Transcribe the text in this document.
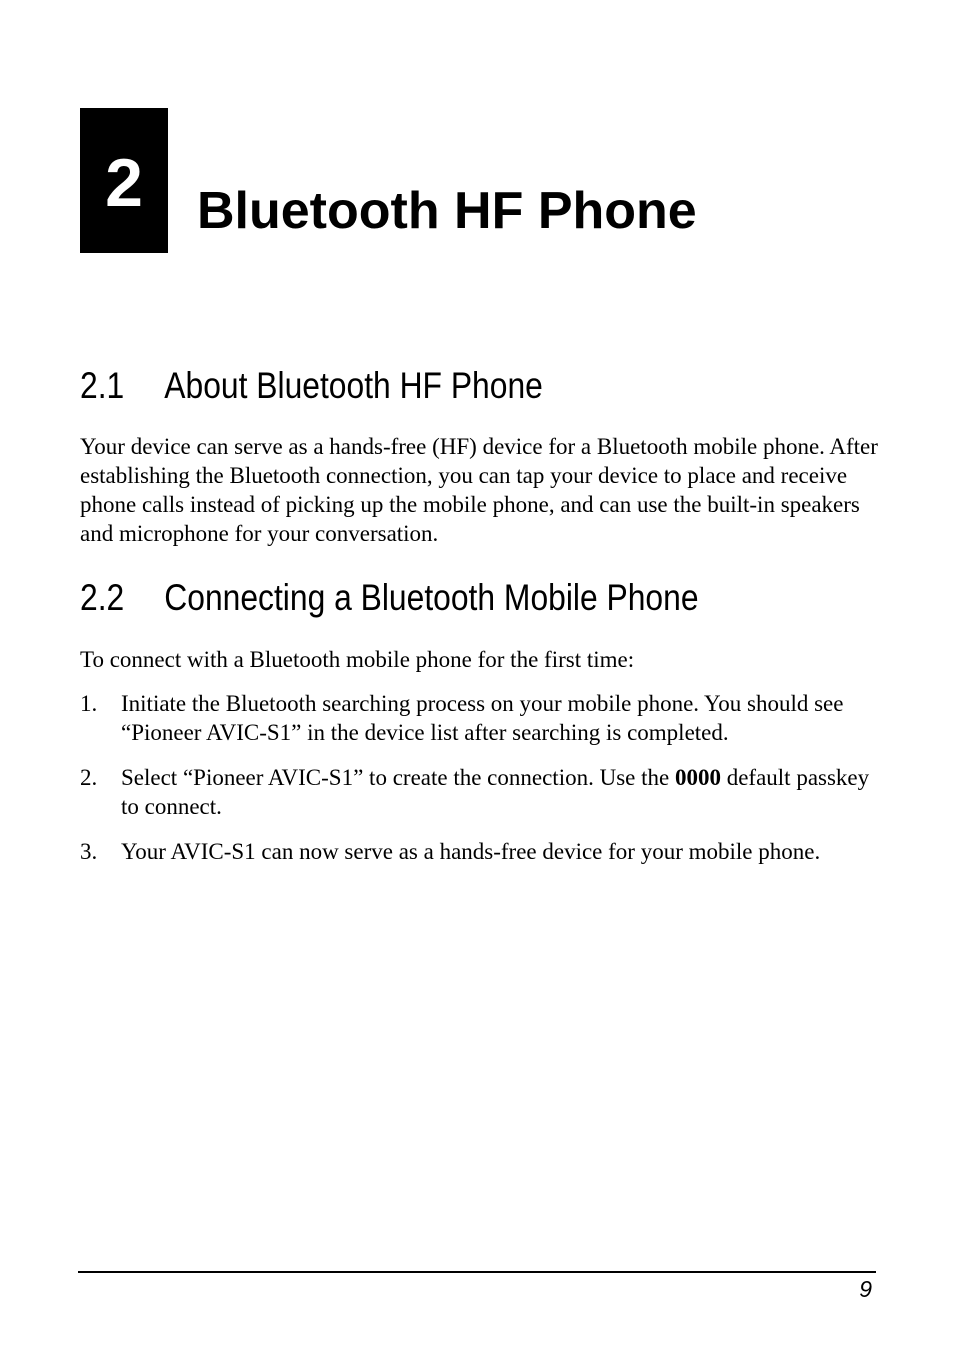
2 Bluetooth HF Phone
2.1 About Bluetooth HF Phone

Your device can serve as a hands-free (HF) device for a Bluetooth mobile phone. After establishing the Bluetooth connection, you can tap your device to place and receive phone calls instead of picking up the mobile phone, and can use the built-in speakers and microphone for your conversation.

2.2 Connecting a Bluetooth Mobile Phone

To connect with a Bluetooth mobile phone for the first time:

1.	Initiate the Bluetooth searching process on your mobile phone. You should see “Pioneer AVIC-S1” in the device list after searching is completed.
2.	Select “Pioneer AVIC-S1” to create the connection. Use the 0000 default passkey to connect.
3.	Your AVIC-S1 can now serve as a hands-free device for your mobile phone.
9
